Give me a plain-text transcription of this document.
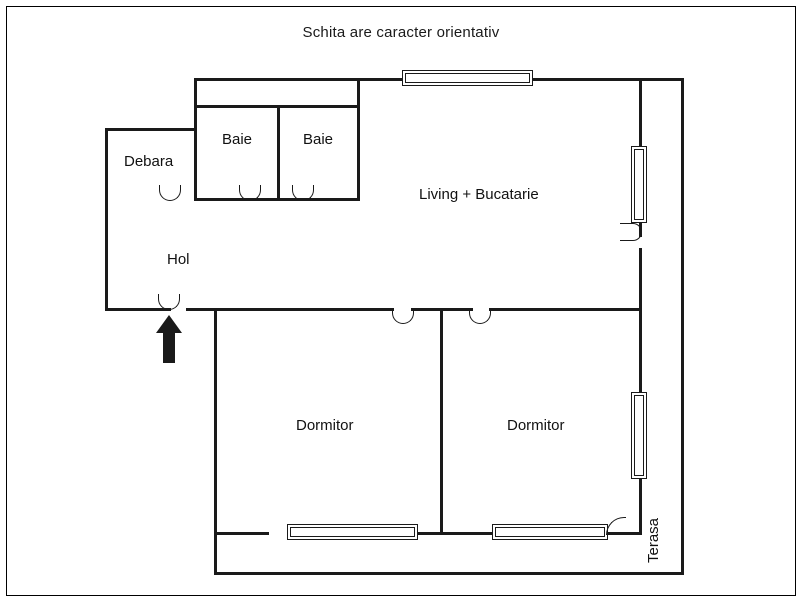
Schita are caracter orientativ
Debara
Baie	Baie
Living + Bucatarie
Hol
Dormitor	Dormitor
Terasa
